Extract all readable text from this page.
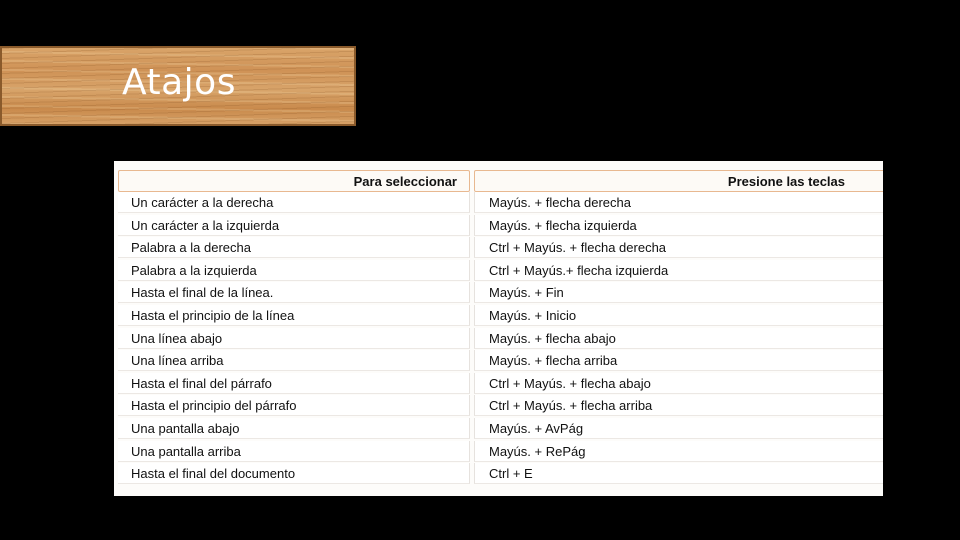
Atajos
Para seleccionar	Presione las teclas
Un carácter a la derecha	Mayús. + flecha derecha
Un carácter a la izquierda	Mayús. + flecha izquierda
Palabra a la derecha	Ctrl + Mayús. + flecha derecha
Palabra a la izquierda	Ctrl + Mayús.+ flecha izquierda
Hasta el final de la línea.	Mayús. + Fin
Hasta el principio de la línea	Mayús. + Inicio
Una línea abajo	Mayús. + flecha abajo
Una línea arriba	Mayús. + flecha arriba
Hasta el final del párrafo	Ctrl + Mayús. + flecha abajo
Hasta el principio del párrafo	Ctrl + Mayús. + flecha arriba
Una pantalla abajo	Mayús. + AvPág
Una pantalla arriba	Mayús. + RePág
Hasta el final del documento	Ctrl + E
